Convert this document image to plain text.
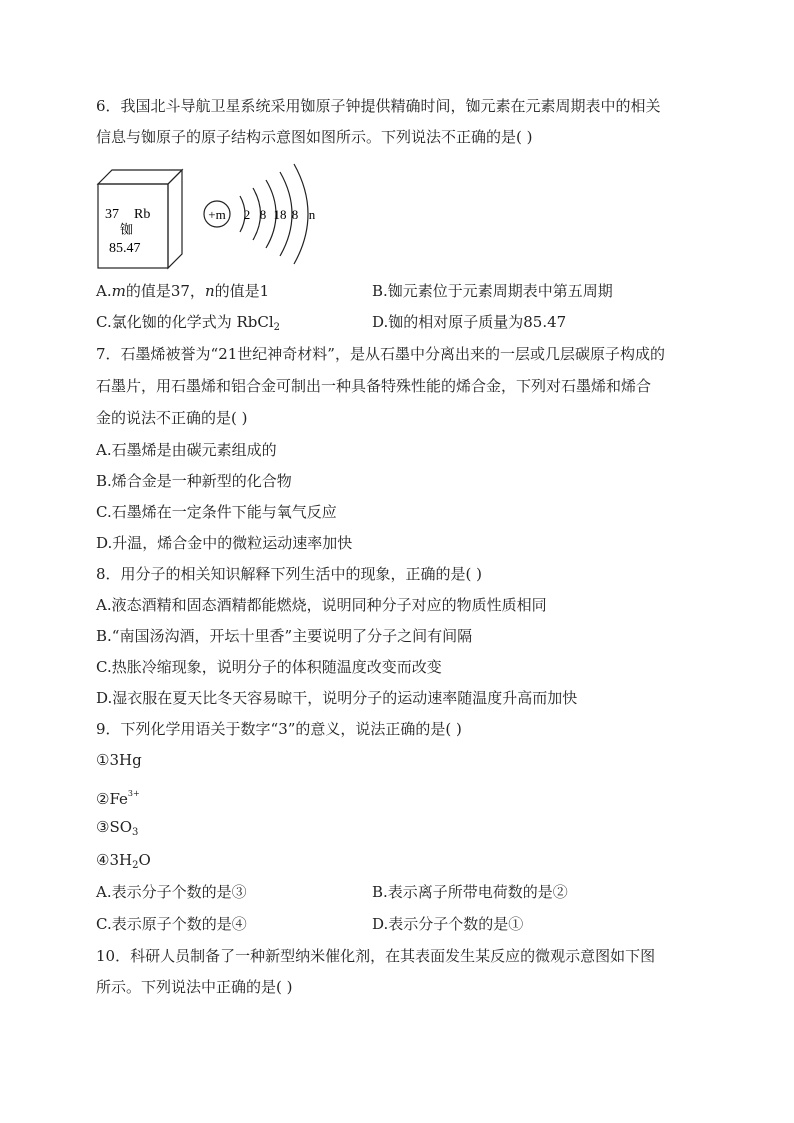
6．我国北斗导航卫星系统采用铷原子钟提供精确时间，铷元素在元素周期表中的相关
信息与铷原子的原子结构示意图如图所示。下列说法不正确的是( )
37 Rb
铷
85.47
+m 2 8 18 8 n
A.m的值是37，n的值是1	B.铷元素位于元素周期表中第五周期
C.氯化铷的化学式为 RbCl$_2$	D.铷的相对原子质量为85.47
7．石墨烯被誉为“21世纪神奇材料”，是从石墨中分离出来的一层或几层碳原子构成的
石墨片，用石墨烯和铝合金可制出一种具备特殊性能的烯合金，下列对石墨烯和烯合
金的说法不正确的是( )
A.石墨烯是由碳元素组成的
B.烯合金是一种新型的化合物
C.石墨烯在一定条件下能与氧气反应
D.升温，烯合金中的微粒运动速率加快
8．用分子的相关知识解释下列生活中的现象，正确的是( )
A.液态酒精和固态酒精都能燃烧，说明同种分子对应的物质性质相同
B.“南国汤沟酒，开坛十里香”主要说明了分子之间有间隔
C.热胀冷缩现象，说明分子的体积随温度改变而改变
D.湿衣服在夏天比冬天容易晾干，说明分子的运动速率随温度升高而加快
9．下列化学用语关于数字“3”的意义，说法正确的是( )
①3Hg
$②Fe^{3+}$
$③SO_3$
$④3H_2O$
A.表示分子个数的是③	B.表示离子所带电荷数的是②
C.表示原子个数的是④	D.表示分子个数的是①
10．科研人员制备了一种新型纳米催化剂，在其表面发生某反应的微观示意图如下图
所示。下列说法中正确的是( )
